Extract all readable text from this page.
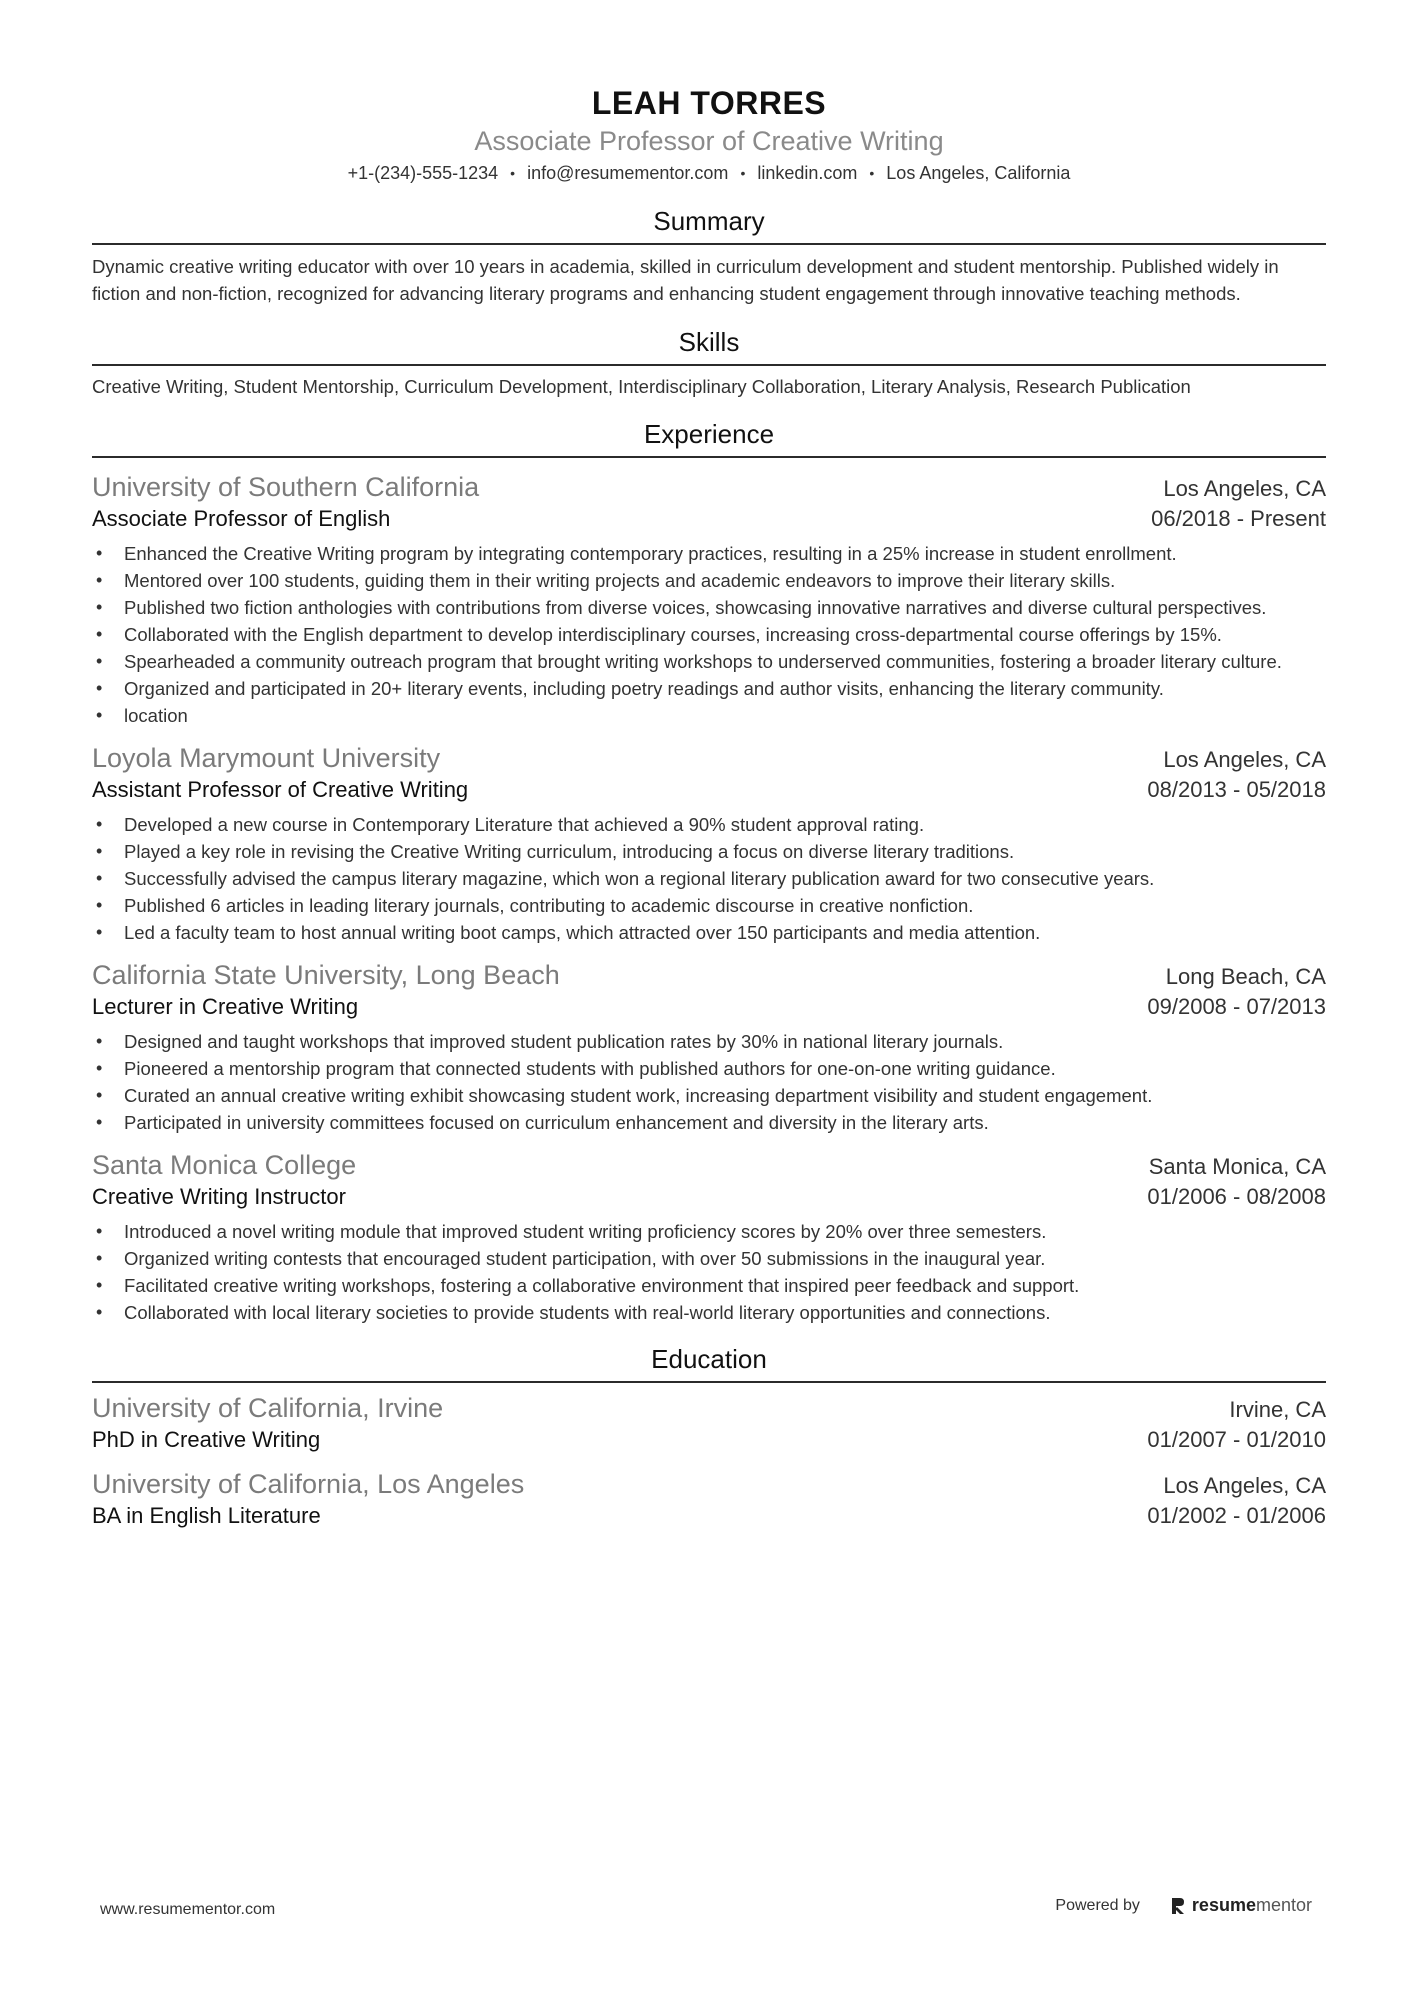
LEAH TORRES
Associate Professor of Creative Writing
+1-(234)-555-1234 • info@resumementor.com • linkedin.com • Los Angeles, California
Summary
Dynamic creative writing educator with over 10 years in academia, skilled in curriculum development and student mentorship. Published widely in fiction and non-fiction, recognized for advancing literary programs and enhancing student engagement through innovative teaching methods.
Skills
Creative Writing, Student Mentorship, Curriculum Development, Interdisciplinary Collaboration, Literary Analysis, Research Publication
Experience
University of Southern California	Los Angeles, CA
Associate Professor of English	06/2018 - Present
• Enhanced the Creative Writing program by integrating contemporary practices, resulting in a 25% increase in student enrollment.
• Mentored over 100 students, guiding them in their writing projects and academic endeavors to improve their literary skills.
• Published two fiction anthologies with contributions from diverse voices, showcasing innovative narratives and diverse cultural perspectives.
• Collaborated with the English department to develop interdisciplinary courses, increasing cross-departmental course offerings by 15%.
• Spearheaded a community outreach program that brought writing workshops to underserved communities, fostering a broader literary culture.
• Organized and participated in 20+ literary events, including poetry readings and author visits, enhancing the literary community.
• location
Loyola Marymount University	Los Angeles, CA
Assistant Professor of Creative Writing	08/2013 - 05/2018
• Developed a new course in Contemporary Literature that achieved a 90% student approval rating.
• Played a key role in revising the Creative Writing curriculum, introducing a focus on diverse literary traditions.
• Successfully advised the campus literary magazine, which won a regional literary publication award for two consecutive years.
• Published 6 articles in leading literary journals, contributing to academic discourse in creative nonfiction.
• Led a faculty team to host annual writing boot camps, which attracted over 150 participants and media attention.
California State University, Long Beach	Long Beach, CA
Lecturer in Creative Writing	09/2008 - 07/2013
• Designed and taught workshops that improved student publication rates by 30% in national literary journals.
• Pioneered a mentorship program that connected students with published authors for one-on-one writing guidance.
• Curated an annual creative writing exhibit showcasing student work, increasing department visibility and student engagement.
• Participated in university committees focused on curriculum enhancement and diversity in the literary arts.
Santa Monica College	Santa Monica, CA
Creative Writing Instructor	01/2006 - 08/2008
• Introduced a novel writing module that improved student writing proficiency scores by 20% over three semesters.
• Organized writing contests that encouraged student participation, with over 50 submissions in the inaugural year.
• Facilitated creative writing workshops, fostering a collaborative environment that inspired peer feedback and support.
• Collaborated with local literary societies to provide students with real-world literary opportunities and connections.
Education
University of California, Irvine	Irvine, CA
PhD in Creative Writing	01/2007 - 01/2010
University of California, Los Angeles	Los Angeles, CA
BA in English Literature	01/2002 - 01/2006
www.resumementor.com	Powered by	resume mentor
